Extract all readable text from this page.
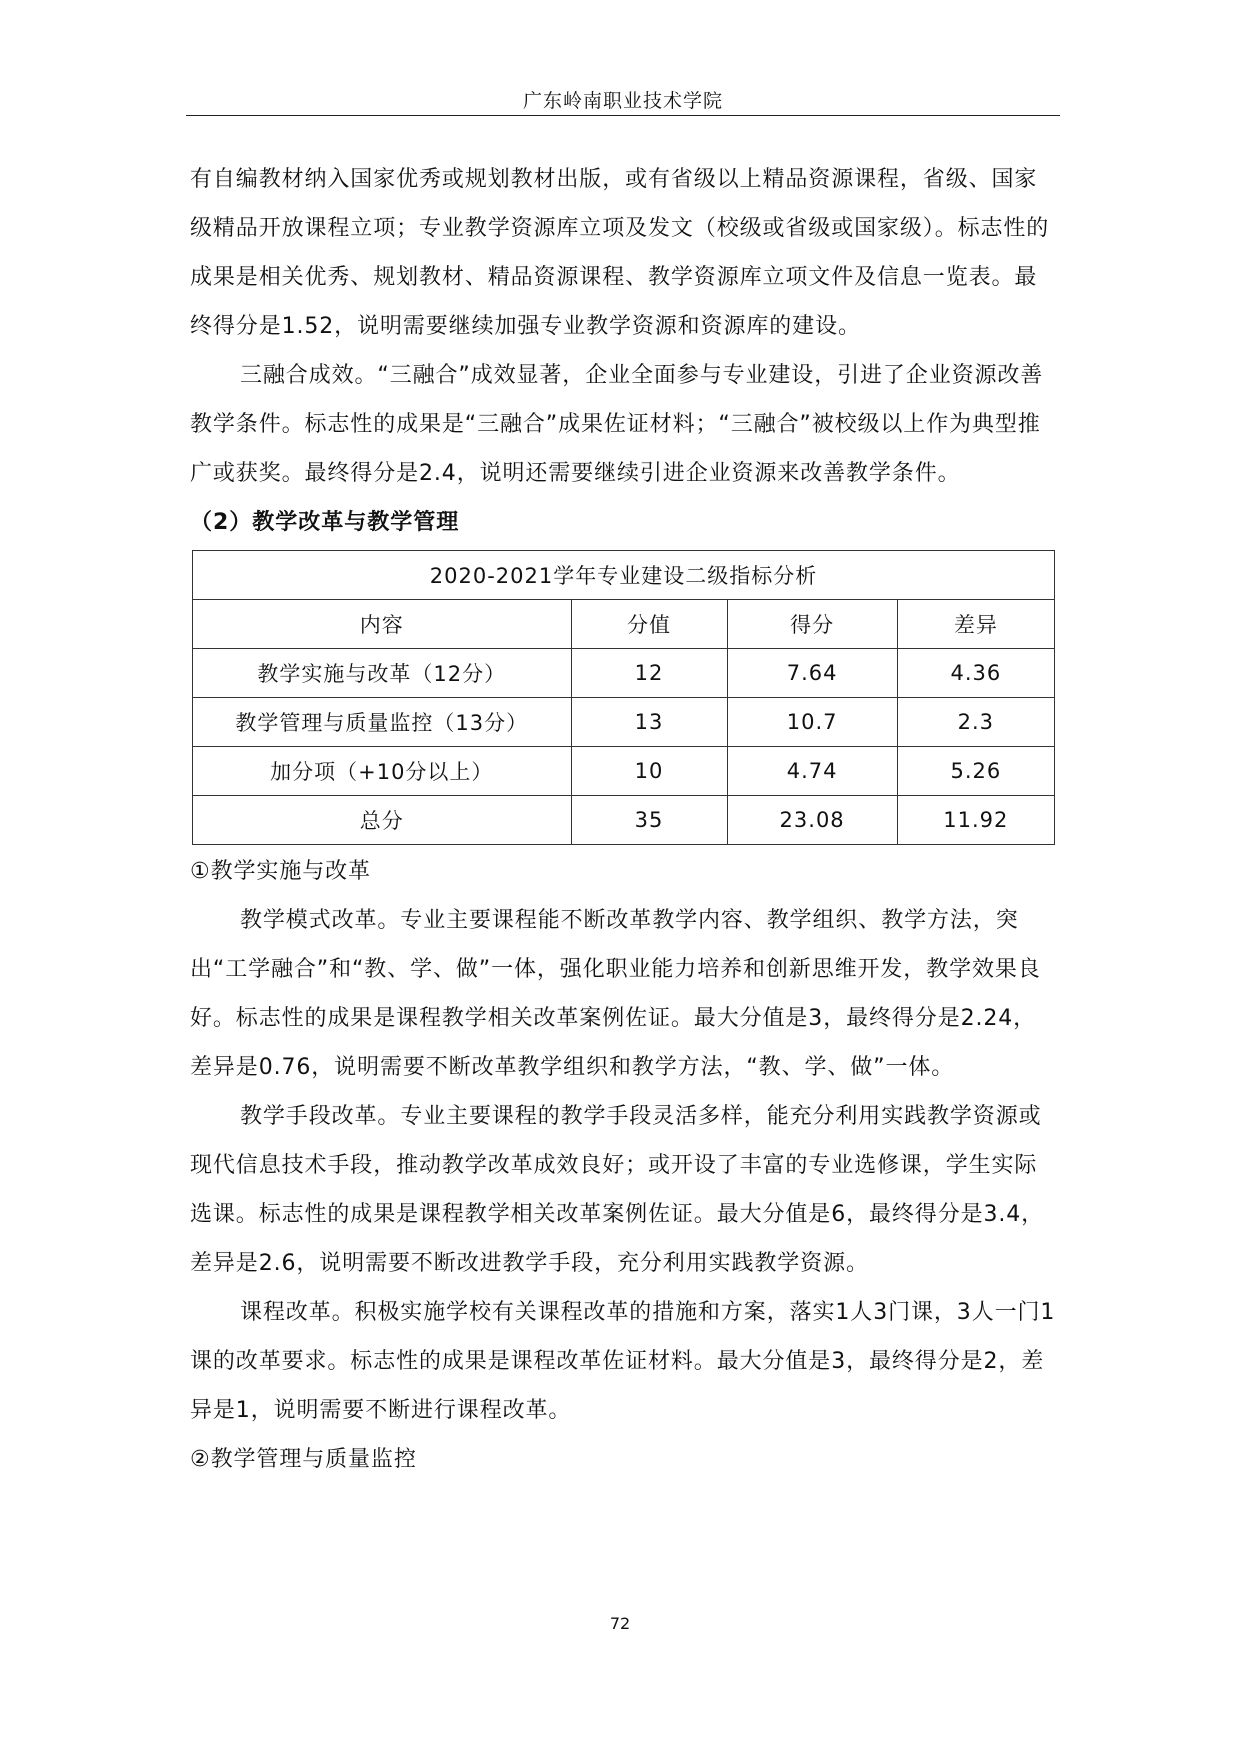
广东岭南职业技术学院

有自编教材纳入国家优秀或规划教材出版，或有省级以上精品资源课程，省级、国家级精品开放课程立项；专业教学资源库立项及发文（校级或省级或国家级）。标志性的成果是相关优秀、规划教材、精品资源课程、教学资源库立项文件及信息一览表。最终得分是1.52，说明需要继续加强专业教学资源和资源库的建设。

三融合成效。“三融合”成效显著，企业全面参与专业建设，引进了企业资源改善教学条件。标志性的成果是“三融合”成果佐证材料；“三融合”被校级以上作为典型推广或获奖。最终得分是2.4，说明还需要继续引进企业资源来改善教学条件。

（2）教学改革与教学管理
2020-2021学年专业建设二级指标分析			
内容	分值	得分	差异
教学实施与改革（12分）	12	7.64	4.36
教学管理与质量监控（13分）	13	10.7	2.3
加分项（+10分以上）	10	4.74	5.26
总分	35	23.08	11.92

①教学实施与改革

教学模式改革。专业主要课程能不断改革教学内容、教学组织、教学方法，突出“工学融合”和“教、学、做”一体，强化职业能力培养和创新思维开发，教学效果良好。标志性的成果是课程教学相关改革案例佐证。最大分值是3，最终得分是2.24，差异是0.76，说明需要不断改革教学组织和教学方法，“教、学、做”一体。

教学手段改革。专业主要课程的教学手段灵活多样，能充分利用实践教学资源或现代信息技术手段，推动教学改革成效良好；或开设了丰富的专业选修课，学生实际选课。标志性的成果是课程教学相关改革案例佐证。最大分值是6，最终得分是3.4，差异是2.6，说明需要不断改进教学手段，充分利用实践教学资源。

课程改革。积极实施学校有关课程改革的措施和方案，落实1人3门课，3人一门1课的改革要求。标志性的成果是课程改革佐证材料。最大分值是3，最终得分是2，差异是1，说明需要不断进行课程改革。

②教学管理与质量监控

72
